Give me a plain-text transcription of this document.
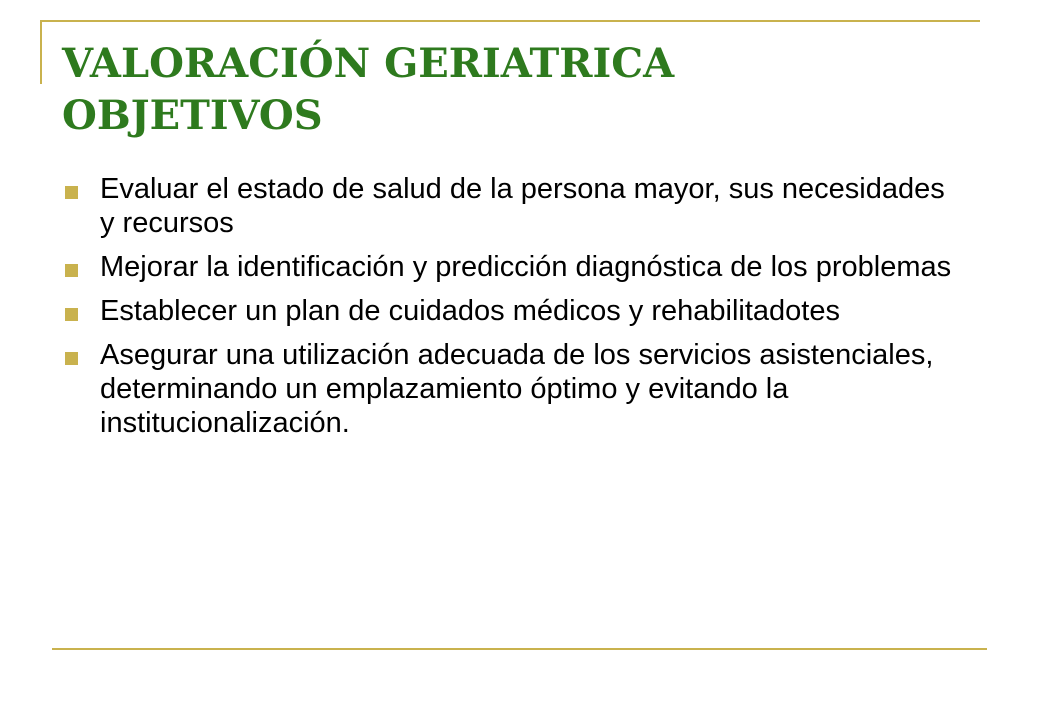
VALORACIÓN GERIATRICA
OBJETIVOS
Evaluar el estado de salud de la persona mayor, sus necesidades y recursos
Mejorar la identificación y predicción diagnóstica de los problemas
Establecer un plan de cuidados médicos y rehabilitadotes
Asegurar una utilización adecuada de los servicios asistenciales, determinando un emplazamiento óptimo y evitando la institucionalización.
